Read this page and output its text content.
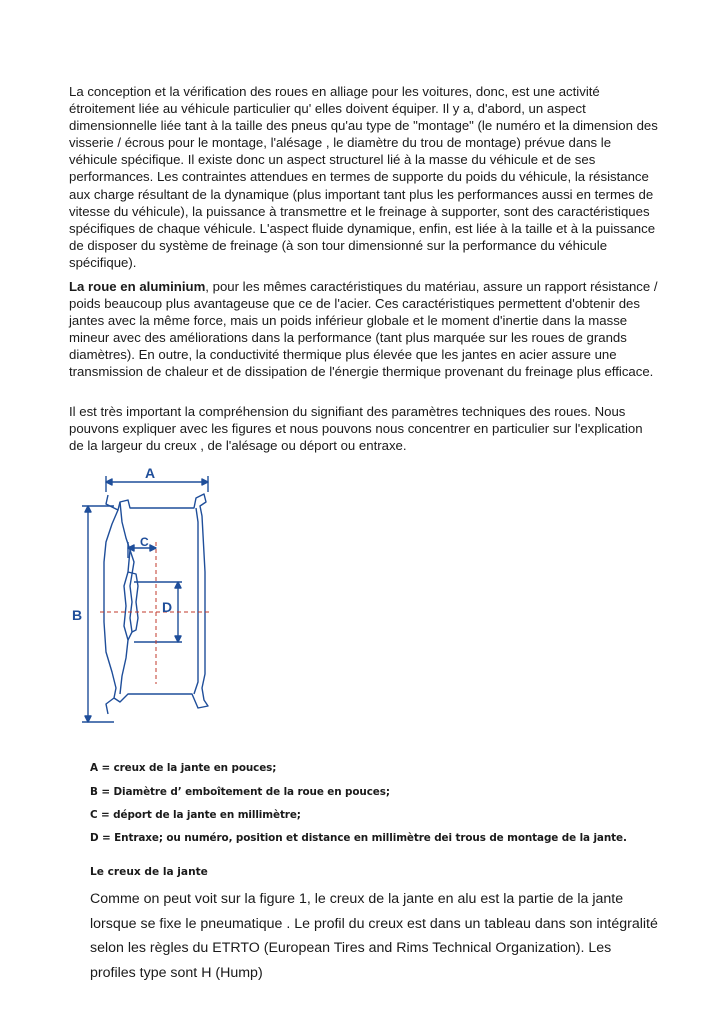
La conception et la vérification des roues en alliage pour les voitures, donc, est une activité étroitement liée au véhicule particulier qu' elles doivent équiper. Il y a, d'abord, un aspect dimensionnelle liée tant à la taille des pneus qu'au type de "montage" (le numéro et la dimension des visserie / écrous pour le montage, l'alésage , le diamètre du trou de montage) prévue dans le véhicule spécifique. Il existe donc un aspect structurel lié à la masse du véhicule et de ses performances. Les contraintes attendues en termes de supporte du poids du véhicule, la résistance aux charge résultant de la dynamique (plus important tant plus les performances aussi en termes de vitesse du véhicule), la puissance à transmettre et le freinage à supporter, sont des caractéristiques spécifiques de chaque véhicule. L'aspect fluide dynamique, enfin, est liée à la taille et à la puissance de disposer du système de freinage (à son tour dimensionné sur la performance du véhicule spécifique).

La roue en aluminium, pour les mêmes caractéristiques du matériau, assure un rapport résistance / poids beaucoup plus avantageuse que ce de l'acier. Ces caractéristiques permettent d'obtenir des jantes avec la même force, mais un poids inférieur globale et le moment d'inertie dans la masse mineur avec des améliorations dans la performance (tant plus marquée sur les roues de grands diamètres). En outre, la conductivité thermique plus élevée que les jantes en acier assure une transmission de chaleur et de dissipation de l'énergie thermique provenant du freinage plus efficace.

Il est très important la compréhension du signifiant des paramètres techniques des roues. Nous pouvons expliquer avec les figures et nous pouvons nous concentrer en particulier sur l'explication de la largeur du creux , de l'alésage ou déport ou entraxe.

A
B
C
D

A = creux de la jante en pouces;

B = Diamètre d’ emboîtement de la roue en pouces;

C = déport de la jante en millimètre;

D = Entraxe; ou numéro, position et distance en millimètre dei trous de montage de la jante.

Le creux de la jante

Comme on peut voit sur la figure 1, le creux de la jante en alu est la partie de la jante lorsque se fixe le pneumatique . Le profil du creux est dans un tableau dans son intégralité selon les règles du ETRTO (European Tires and Rims Technical Organization). Les profiles type sont H (Hump)
